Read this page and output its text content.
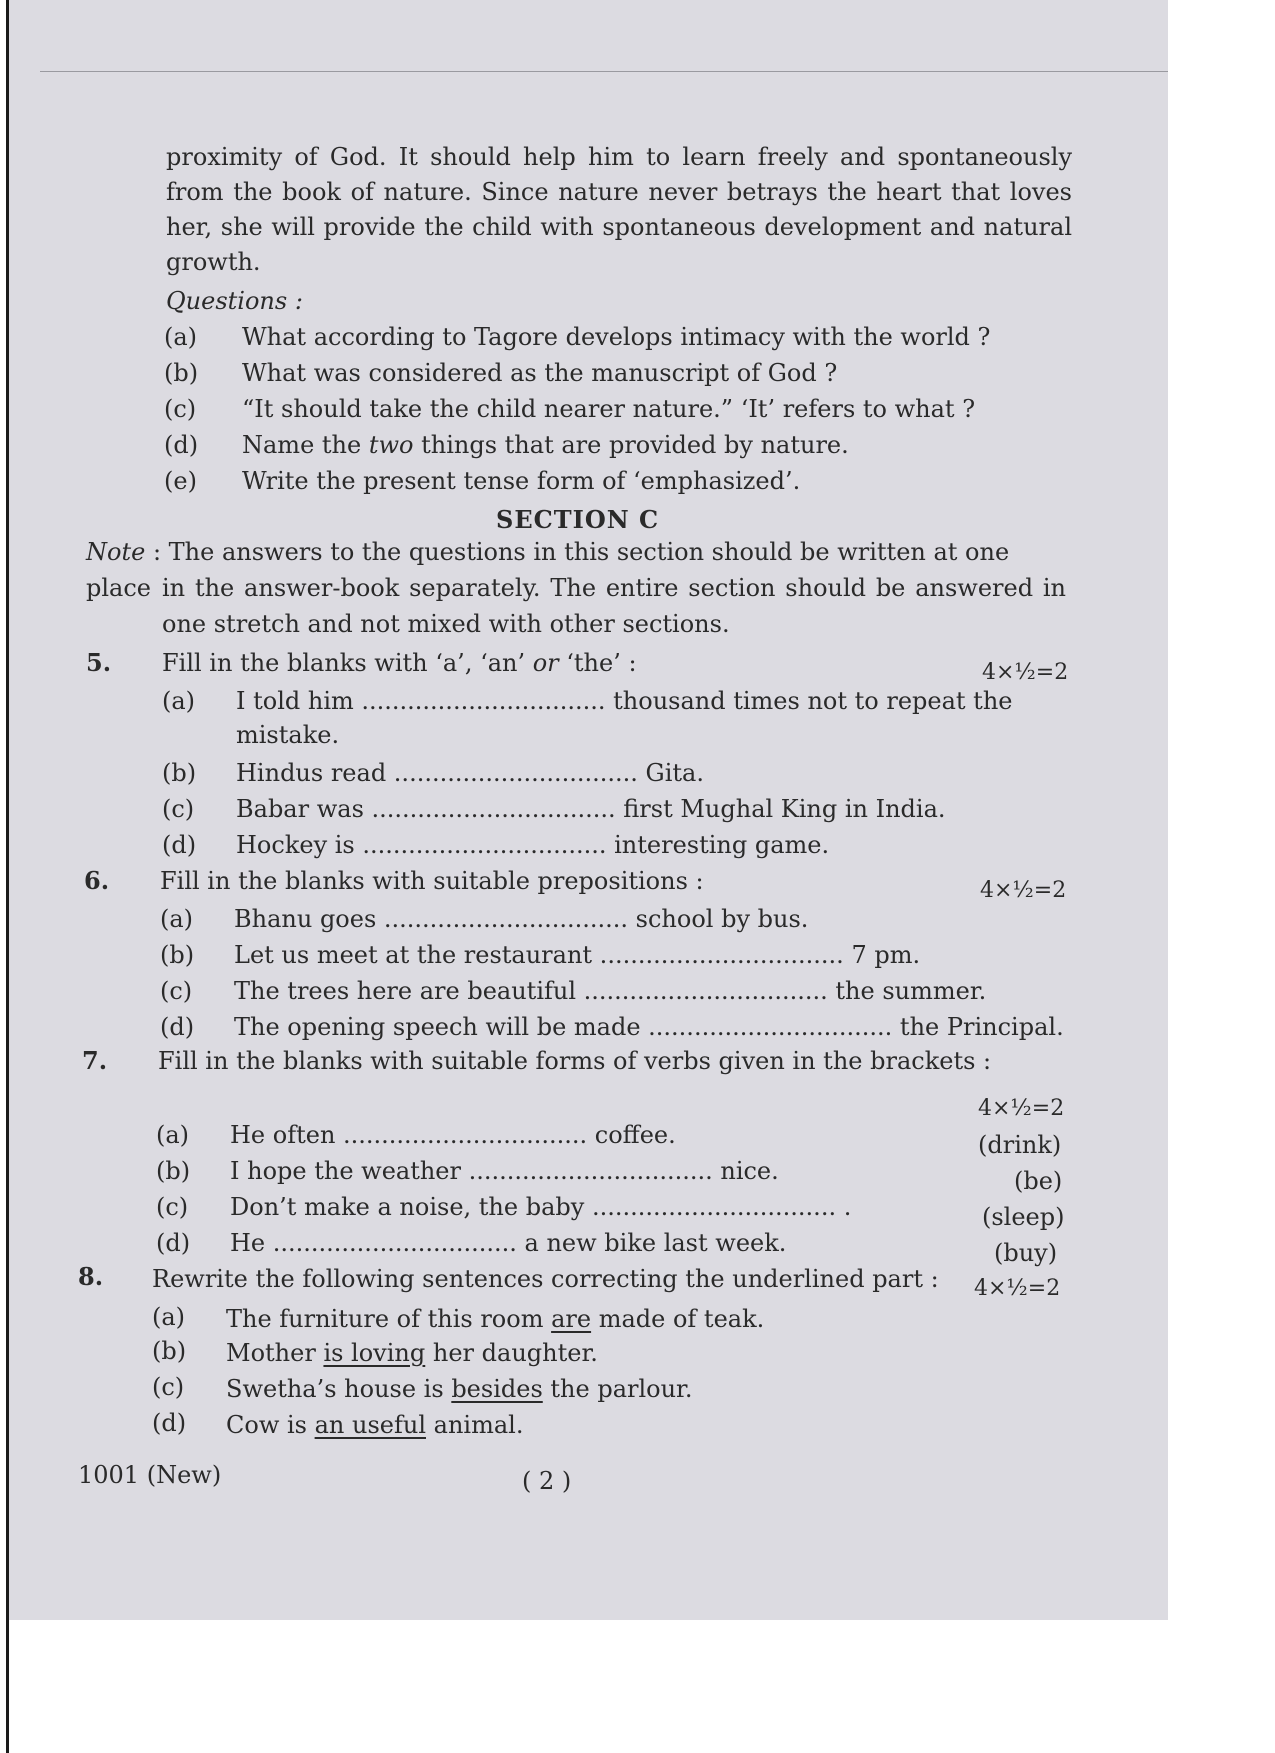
proximity of God. It should help him to learn freely and spontaneously from the book of nature. Since nature never betrays the heart that loves her, she will provide the child with spontaneous development and natural growth.
Questions :
(a) What according to Tagore develops intimacy with the world ?
(b) What was considered as the manuscript of God ?
(c) “It should take the child nearer nature.” ‘It’ refers to what ?
(d) Name the two things that are provided by nature.
(e) Write the present tense form of ‘emphasized’.
SECTION C
Note : The answers to the questions in this section should be written at one place in the answer-book separately. The entire section should be answered in one stretch and not mixed with other sections.
5. Fill in the blanks with ‘a’, ‘an’ or ‘the’ :	4×½=2
(a) I told him ................................ thousand times not to repeat the
mistake.
(b) Hindus read ................................ Gita.
(c) Babar was ................................ first Mughal King in India.
(d) Hockey is ................................ interesting game.
6. Fill in the blanks with suitable prepositions :	4×½=2
(a) Bhanu goes ................................ school by bus.
(b) Let us meet at the restaurant ................................ 7 pm.
(c) The trees here are beautiful ................................ the summer.
(d) The opening speech will be made ................................ the Principal.
7. Fill in the blanks with suitable forms of verbs given in the brackets :
4×½=2
(a) He often ................................ coffee.	(drink)
(b) I hope the weather ................................ nice.	(be)
(c) Don’t make a noise, the baby ................................ .	(sleep)
(d) He ................................ a new bike last week.	(buy)
8. Rewrite the following sentences correcting the underlined part : 4×½=2
(a) The furniture of this room are made of teak.
(b) Mother is loving her daughter.
(c) Swetha’s house is besides the parlour.
(d) Cow is an useful animal.
1001 (New)	( 2 )
